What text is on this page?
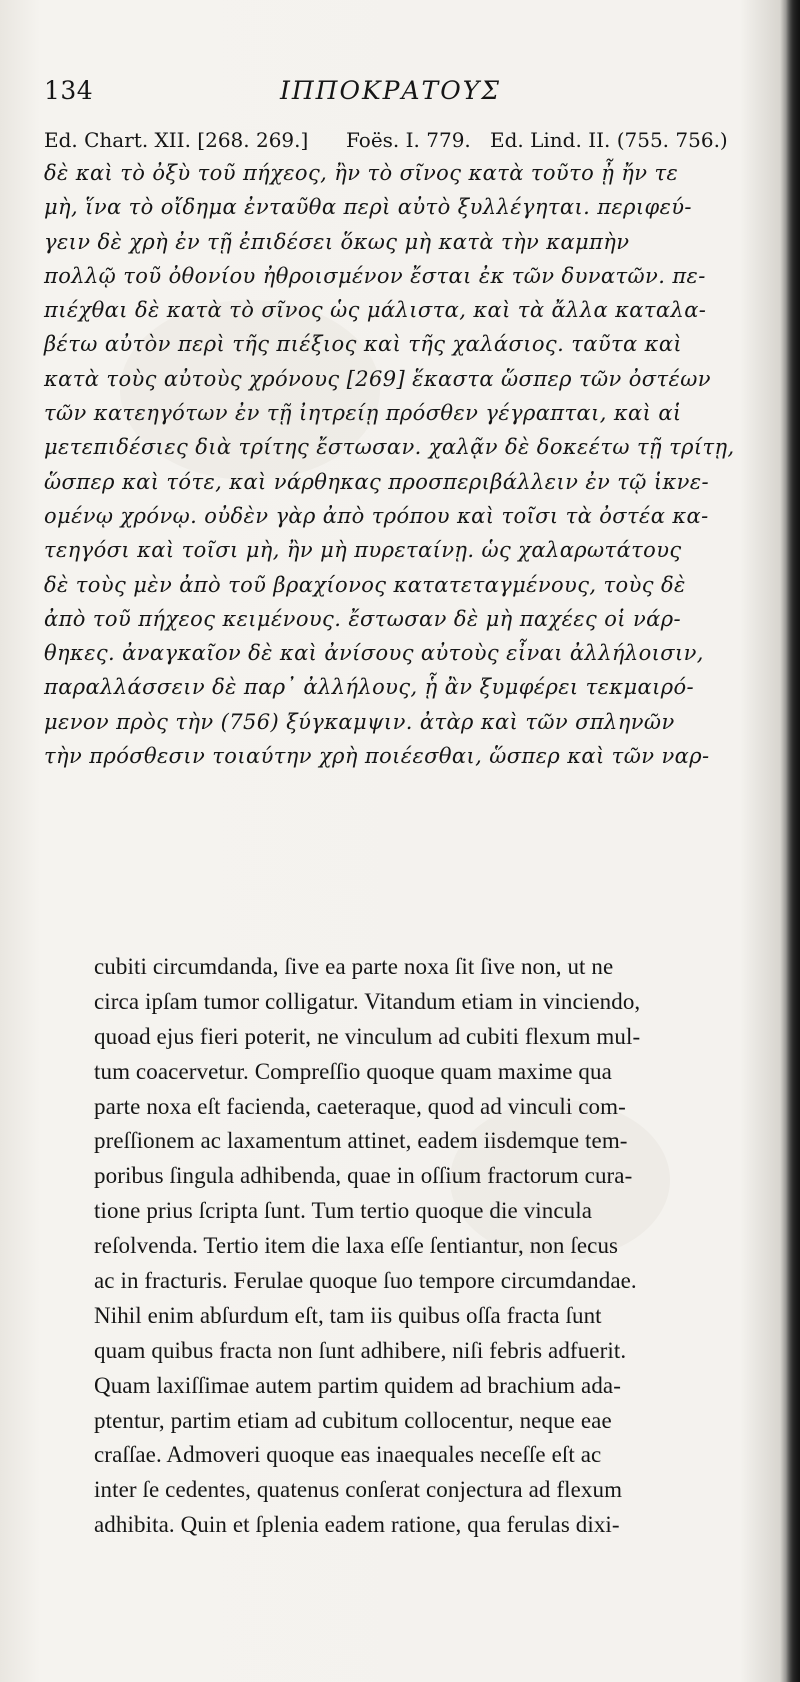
134	ΙΠΠΟΚΡΑΤΟΥΣ
Ed. Chart. XII. [268. 269.] Foës. I. 779. Ed. Lind. II. (755. 756.)
δὲ καὶ τὸ ὀξὺ τοῦ πήχεος, ἢν τὸ σῖνος κατὰ τοῦτο ᾖ ἤν τε
μὴ, ἵνα τὸ οἴδημα ἐνταῦθα περὶ αὐτὸ ξυλλέγηται. περιφεύ-
γειν δὲ χρὴ ἐν τῇ ἐπιδέσει ὅκως μὴ κατὰ τὴν καμπὴν
πολλῷ τοῦ ὀθονίου ἠθροισμένον ἔσται ἐκ τῶν δυνατῶν. πε-
πιέχθαι δὲ κατὰ τὸ σῖνος ὡς μάλιστα, καὶ τὰ ἄλλα καταλα-
βέτω αὐτὸν περὶ τῆς πιέξιος καὶ τῆς χαλάσιος. ταῦτα καὶ
κατὰ τοὺς αὐτοὺς χρόνους [269] ἕκαστα ὥσπερ τῶν ὀστέων
τῶν κατεηγότων ἐν τῇ ἰητρείῃ πρόσθεν γέγραπται, καὶ αἱ
μετεπιδέσιες διὰ τρίτης ἔστωσαν. χαλᾷν δὲ δοκεέτω τῇ τρίτῃ,
ὥσπερ καὶ τότε, καὶ νάρθηκας προσπεριβάλλειν ἐν τῷ ἱκνε-
ομένῳ χρόνῳ. οὐδὲν γὰρ ἀπὸ τρόπου καὶ τοῖσι τὰ ὀστέα κα-
τεηγόσι καὶ τοῖσι μὴ, ἢν μὴ πυρεταίνῃ. ὡς χαλαρωτάτους
δὲ τοὺς μὲν ἀπὸ τοῦ βραχίονος κατατεταγμένους, τοὺς δὲ
ἀπὸ τοῦ πήχεος κειμένους. ἔστωσαν δὲ μὴ παχέες οἱ νάρ-
θηκες. ἀναγκαῖον δὲ καὶ ἀνίσους αὐτοὺς εἶναι ἀλλήλοισιν,
παραλλάσσειν δὲ παρ᾽ ἀλλήλους, ᾗ ἂν ξυμφέρει τεκμαιρό-
μενον πρὸς τὴν (756) ξύγκαμψιν. ἀτὰρ καὶ τῶν σπληνῶν
τὴν πρόσθεσιν τοιαύτην χρὴ ποιέεσθαι, ὥσπερ καὶ τῶν ναρ-
cubiti circumdanda, ſive ea parte noxa ſit ſive non, ut ne
circa ipſam tumor colligatur. Vitandum etiam in vinciendo,
quoad ejus fieri poterit, ne vinculum ad cubiti flexum mul-
tum coacervetur. Compreſſio quoque quam maxime qua
parte noxa eſt facienda, caeteraque, quod ad vinculi com-
preſſionem ac laxamentum attinet, eadem iisdemque tem-
poribus ſingula adhibenda, quae in oſſium fractorum cura-
tione prius ſcripta ſunt. Tum tertio quoque die vincula
reſolvenda. Tertio item die laxa eſſe ſentiantur, non ſecus
ac in fracturis. Ferulae quoque ſuo tempore circumdandae.
Nihil enim abſurdum eſt, tam iis quibus oſſa fracta ſunt
quam quibus fracta non ſunt adhibere, niſi febris adfuerit.
Quam laxiſſimae autem partim quidem ad brachium ada-
ptentur, partim etiam ad cubitum collocentur, neque eae
craſſae. Admoveri quoque eas inaequales neceſſe eſt ac
inter ſe cedentes, quatenus conſerat conjectura ad flexum
adhibita. Quin et ſplenia eadem ratione, qua ferulas dixi-
